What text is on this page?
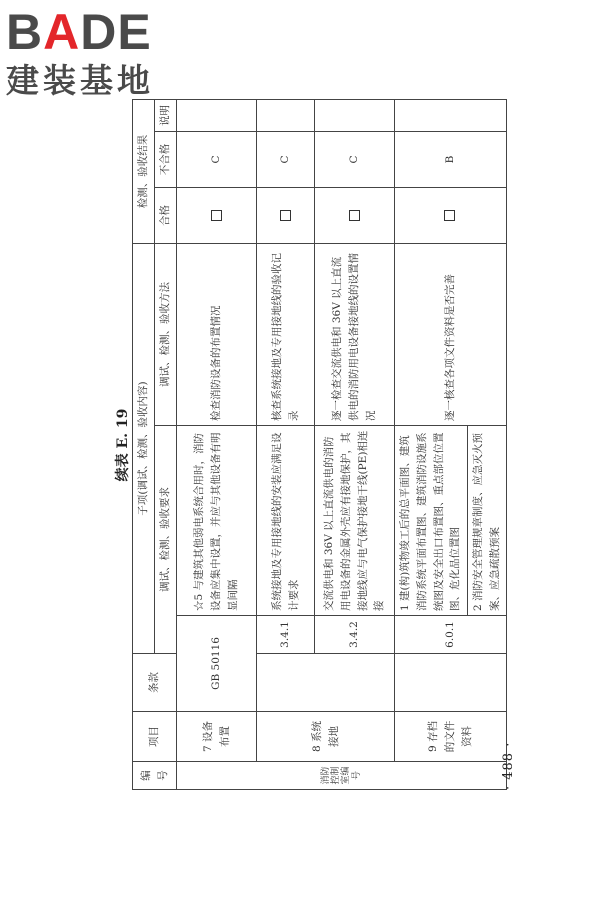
BADE
建装基地
续表 E. 19
编号	项目	条款	子项(调试、检测、验收内容)			检测、验收结果		
			调试、检测、验收要求		调试、检测、验收方法	合格	不合格	说明

消防控制室编号	7 设备布置	GB 50116		☆5 与建筑其他弱电系统合用时，消防设备应集中设置，并应与其他设备有明显间隔	检查消防设备的布置情况		C	
	8 系统接地		3.4.1	系统接地及专用接地线的安装应满足设计要求	核查系统接地及专用接地线的验收记录		C	
			3.4.2	交流供电和 36V 以上直流供电的消防用电设备的金属外壳应有接地保护，其接地线应与电气保护接地干线(PE)相连接	逐一检查交流供电和 36V 以上直流供电的消防用电设备接地线的设置情况		C	
	9 存档的文件资料		6.0.1	1 建(构)筑物竣工后的总平面图、建筑消防系统平面布置图、建筑消防设施系统图及安全出口布置图、重点部位位置图、危化品位置图 2 消防安全管理规章制度、应急灭火预案、应急疏散预案	逐一核查各项文件资料是否完善		B	
· 488 ·
